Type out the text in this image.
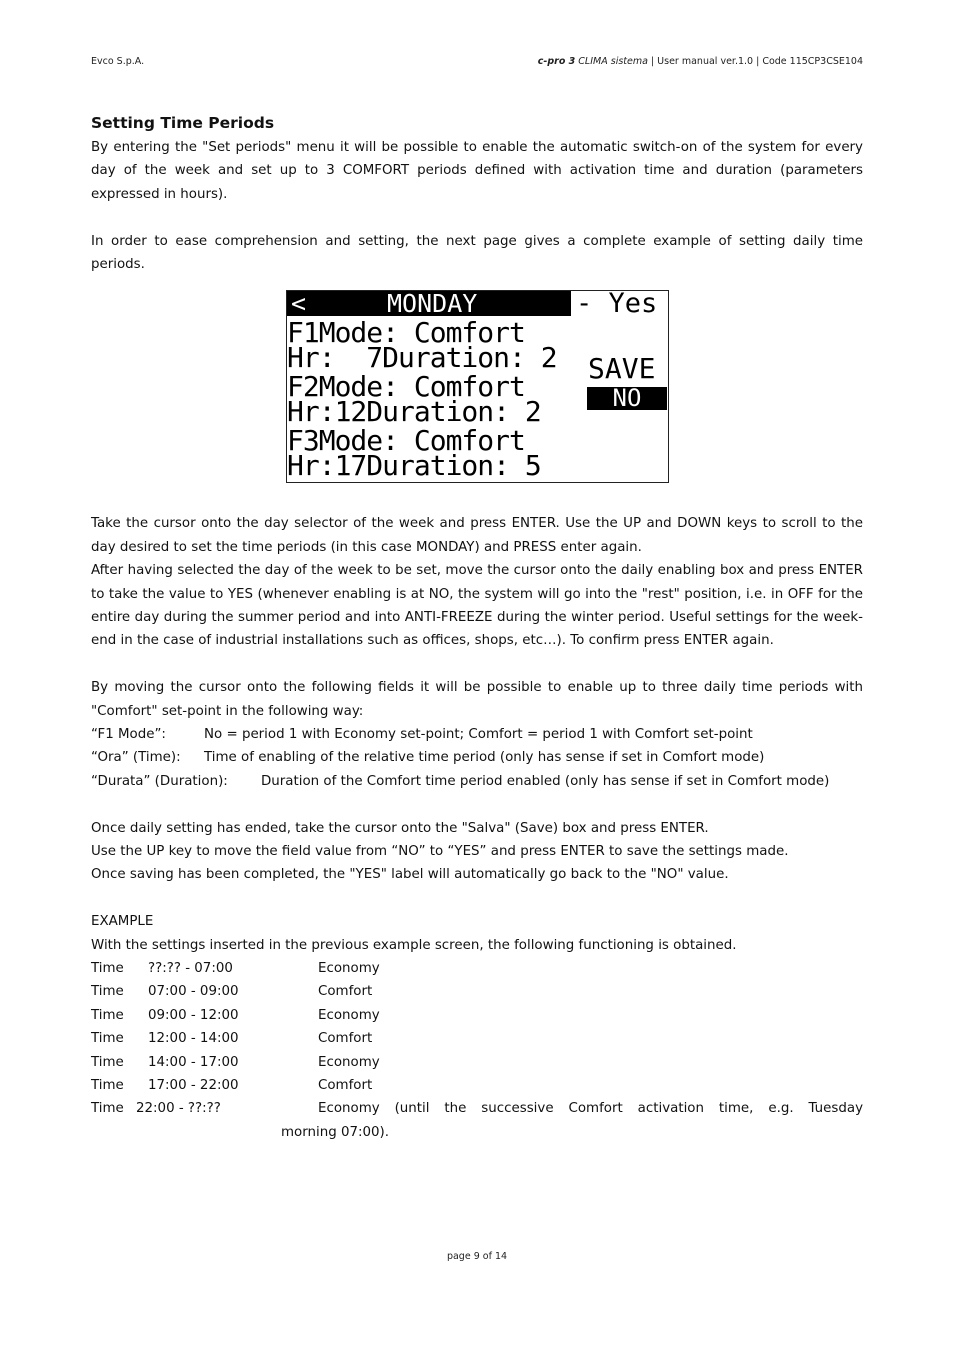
Evco S.p.A.	c-pro 3 CLIMA sistema | User manual ver.1.0 | Code 115CP3CSE104
Setting Time Periods

By entering the "Set periods" menu it will be possible to enable the automatic switch-on of the system for every day of the week and set up to 3 COMFORT periods defined with activation time and duration (parameters expressed in hours).

In order to ease comprehension and setting, the next page gives a complete example of setting daily time periods.

<

	MONDAY

	- Yes
F1Mode: Comfort
Hr:  7Duration: 2
F2Mode: Comfort
Hr:12Duration: 2
F3Mode: Comfort
Hr:17Duration: 5
SAVE
NO

Take the cursor onto the day selector of the week and press ENTER. Use the UP and DOWN keys to scroll to the day desired to set the time periods (in this case MONDAY) and PRESS enter again.

After having selected the day of the week to be set, move the cursor onto the daily enabling box and press ENTER to take the value to YES (whenever enabling is at NO, the system will go into the "rest" position, i.e. in OFF for the entire day during the summer period and into ANTI-FREEZE during the winter period. Useful settings for the week-end in the case of industrial installations such as offices, shops, etc…). To confirm press ENTER again.

By moving the cursor onto the following fields it will be possible to enable up to three daily time periods with "Comfort" set-point in the following way:

“F1 Mode”:	No = period 1 with Economy set-point; Comfort = period 1 with Comfort set-point
“Ora” (Time):	Time of enabling of the relative time period (only has sense if set in Comfort mode)
“Durata” (Duration):	Duration of the Comfort time period enabled (only has sense if set in Comfort mode)

Once daily setting has ended, take the cursor onto the "Salva" (Save) box and press ENTER.

Use the UP key to move the field value from “NO” to “YES” and press ENTER to save the settings made.

Once saving has been completed, the "YES" label will automatically go back to the "NO" value.

EXAMPLE

With the settings inserted in the previous example screen, the following functioning is obtained.

Time	??:?? - 07:00	Economy
Time	07:00 - 09:00	Comfort
Time	09:00 - 12:00	Economy
Time	12:00 - 14:00	Comfort
Time	14:00 - 17:00	Economy
Time	17:00 - 22:00	Comfort
Time 22:00 - ??:??	Economy (until the successive Comfort activation time, e.g. Tuesday

morning 07:00).

page 9 of 14
